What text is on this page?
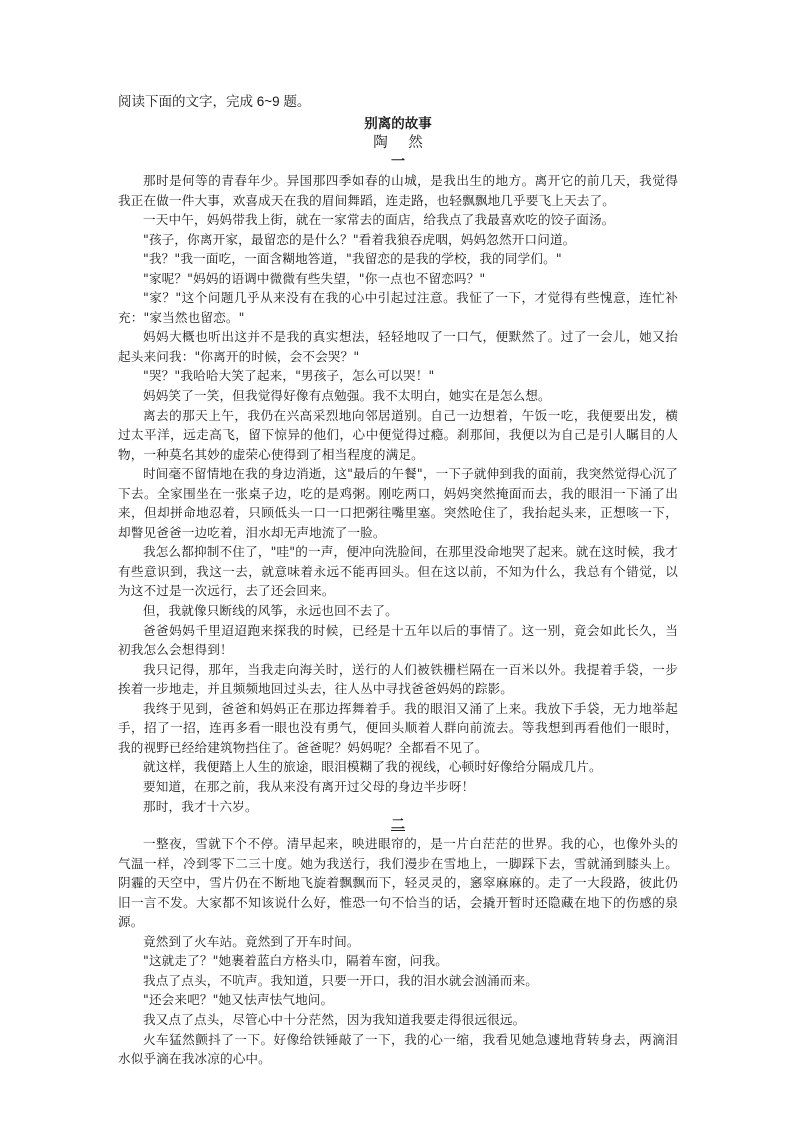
阅读下面的文字，完成 6~9 题。

别离的故事

陶 然

一

那时是何等的青春年少。异国那四季如春的山城，是我出生的地方。离开它的前几天，我觉得我正在做一件大事，欢喜成天在我的眉间舞蹈，连走路，也轻飘飘地几乎要飞上天去了。

一天中午，妈妈带我上街，就在一家常去的面店，给我点了我最喜欢吃的饺子面汤。

"孩子，你离开家，最留恋的是什么？"看着我狼吞虎咽，妈妈忽然开口问道。

"我？"我一面吃，一面含糊地答道，"我留恋的是我的学校，我的同学们。"

"家呢？"妈妈的语调中微微有些失望，"你一点也不留恋吗？"

"家？"这个问题几乎从来没有在我的心中引起过注意。我怔了一下，才觉得有些愧意，连忙补充："家当然也留恋。"

妈妈大概也听出这并不是我的真实想法，轻轻地叹了一口气，便默然了。过了一会儿，她又抬起头来问我："你离开的时候，会不会哭？"

"哭？"我哈哈大笑了起来，"男孩子，怎么可以哭！"

妈妈笑了一笑，但我觉得好像有点勉强。我不太明白，她实在是怎么想。

离去的那天上午，我仍在兴高采烈地向邻居道别。自己一边想着，午饭一吃，我便要出发，横过太平洋，远走高飞，留下惊异的他们，心中便觉得过瘾。刹那间，我便以为自己是引人瞩目的人物，一种莫名其妙的虚荣心使得到了相当程度的满足。

时间毫不留情地在我的身边消逝，这"最后的午餐"，一下子就伸到我的面前，我突然觉得心沉了下去。全家围坐在一张桌子边，吃的是鸡粥。刚吃两口，妈妈突然掩面而去，我的眼泪一下涌了出来，但却拼命地忍着，只顾低头一口一口把粥往嘴里塞。突然呛住了，我抬起头来，正想咳一下，却瞥见爸爸一边吃着，泪水却无声地流了一脸。

我怎么都抑制不住了，"哇"的一声，便冲向洗脸间，在那里没命地哭了起来。就在这时候，我才有些意识到，我这一去，就意味着永远不能再回头。但在这以前，不知为什么，我总有个错觉，以为这不过是一次远行，去了还会回来。

但，我就像只断线的风筝，永远也回不去了。

爸爸妈妈千里迢迢跑来探我的时候，已经是十五年以后的事情了。这一别，竟会如此长久，当初我怎么会想得到！

我只记得，那年，当我走向海关时，送行的人们被铁栅栏隔在一百米以外。我提着手袋，一步挨着一步地走，并且频频地回过头去，往人丛中寻找爸爸妈妈的踪影。

我终于见到，爸爸和妈妈正在那边挥舞着手。我的眼泪又涌了上来。我放下手袋，无力地举起手，招了一招，连再多看一眼也没有勇气，便回头顺着人群向前流去。等我想到再看他们一眼时，我的视野已经给建筑物挡住了。爸爸呢？妈妈呢？全都看不见了。

就这样，我便踏上人生的旅途，眼泪模糊了我的视线，心顿时好像给分隔成几片。

要知道，在那之前，我从来没有离开过父母的身边半步呀！

那时，我才十六岁。

二

一整夜，雪就下个不停。清早起来，映进眼帘的，是一片白茫茫的世界。我的心，也像外头的气温一样，冷到零下二三十度。她为我送行，我们漫步在雪地上，一脚踩下去，雪就涌到膝头上。阴霾的天空中，雪片仍在不断地飞旋着飘飘而下，轻灵灵的，窸窣麻麻的。走了一大段路，彼此仍旧一言不发。大家都不知该说什么好，惟恐一句不恰当的话，会撬开暂时还隐藏在地下的伤感的泉源。

竟然到了火车站。竟然到了开车时间。

"这就走了？"她裹着蓝白方格头巾，隔着车窗，问我。

我点了点头，不吭声。我知道，只要一开口，我的泪水就会汹涌而来。

"还会来吧？"她又怯声怯气地问。

我又点了点头，尽管心中十分茫然，因为我知道我要走得很远很远。

火车猛然颤抖了一下。好像给铁锤敲了一下，我的心一缩，我看见她急遽地背转身去，两滴泪水似乎滴在我冰凉的心中。
